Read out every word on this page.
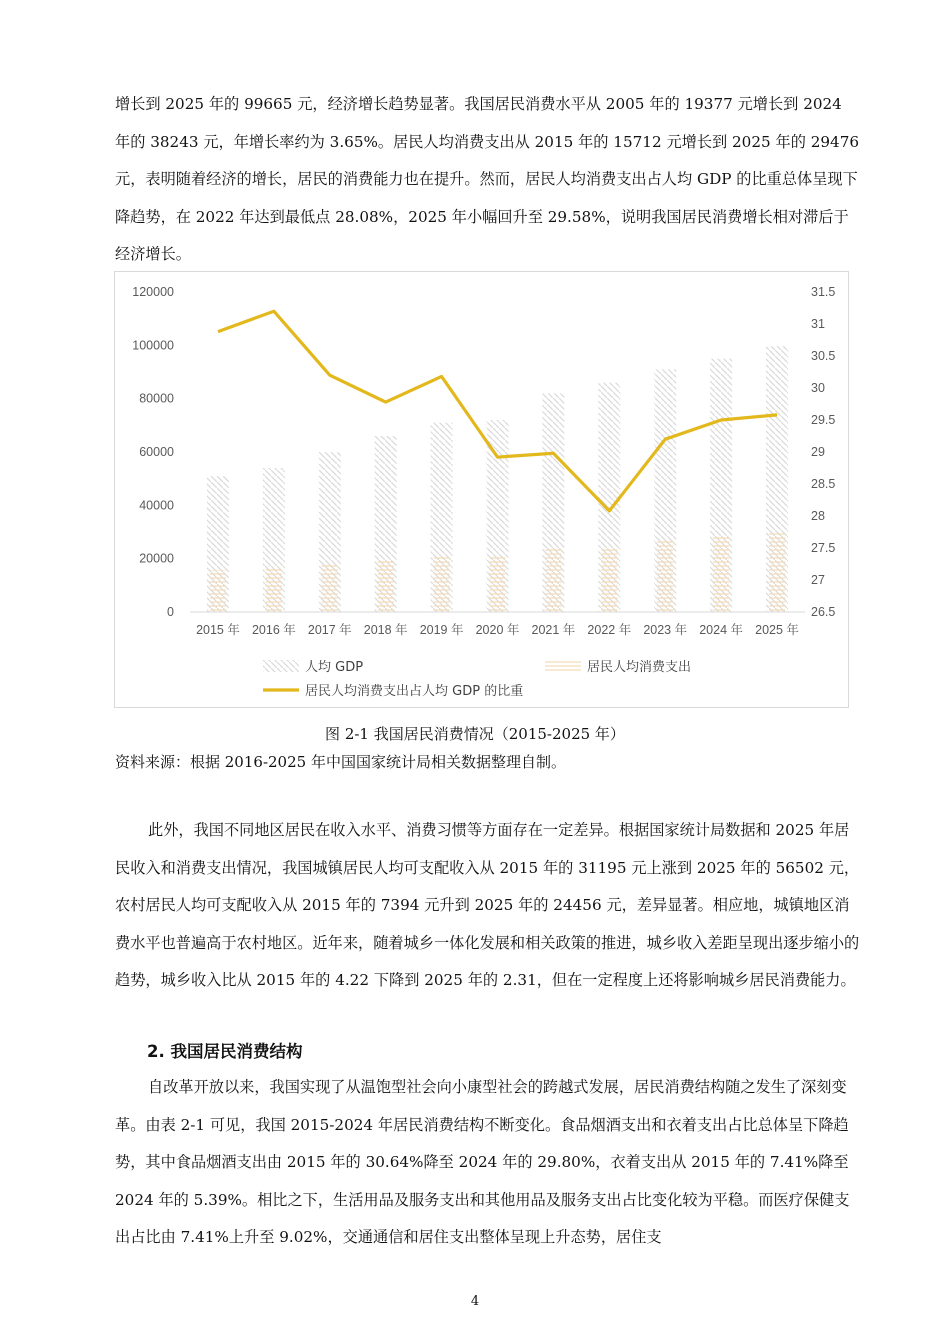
增长到 2025 年的 99665 元，经济增长趋势显著。我国居民消费水平从 2005 年的 19377 元增长到 2024 年的 38243 元，年增长率约为 3.65%。居民人均消费支出从 2015 年的 15712 元增长到 2025 年的 29476 元，表明随着经济的增长，居民的消费能力也在提升。然而，居民人均消费支出占人均 GDP 的比重总体呈现下降趋势，在 2022 年达到最低点 28.08%，2025 年小幅回升至 29.58%，说明我国居民消费增长相对滞后于经济增长。

0
20000
40000
60000
80000
100000
120000
26.5
27
27.5
28
28.5
29
29.5
30
30.5
31
31.5
2015 年 2016 年 2017 年 2018 年 2019 年 2020 年 2021 年 2022 年 2023 年 2024 年 2025 年
人均 GDP	居民人均消费支出
居民人均消费支出占人均 GDP 的比重

图 2-1 我国居民消费情况（2015-2025 年）

资料来源：根据 2016-2025 年中国国家统计局相关数据整理自制。

此外，我国不同地区居民在收入水平、消费习惯等方面存在一定差异。根据国家统计局数据和 2025 年居民收入和消费支出情况，我国城镇居民人均可支配收入从 2015 年的 31195 元上涨到 2025 年的 56502 元，农村居民人均可支配收入从 2015 年的 7394 元升到 2025 年的 24456 元，差异显著。相应地，城镇地区消费水平也普遍高于农村地区。近年来，随着城乡一体化发展和相关政策的推进，城乡收入差距呈现出逐步缩小的趋势，城乡收入比从 2015 年的 4.22 下降到 2025 年的 2.31，但在一定程度上还将影响城乡居民消费能力。

2. 我国居民消费结构

自改革开放以来，我国实现了从温饱型社会向小康型社会的跨越式发展，居民消费结构随之发生了深刻变革。由表 2-1 可见，我国 2015-2024 年居民消费结构不断变化。食品烟酒支出和衣着支出占比总体呈下降趋势，其中食品烟酒支出由 2015 年的 30.64%降至 2024 年的 29.80%，衣着支出从 2015 年的 7.41%降至 2024 年的 5.39%。相比之下，生活用品及服务支出和其他用品及服务支出占比变化较为平稳。而医疗保健支出占比由 7.41%上升至 9.02%，交通通信和居住支出整体呈现上升态势，居住支

4
